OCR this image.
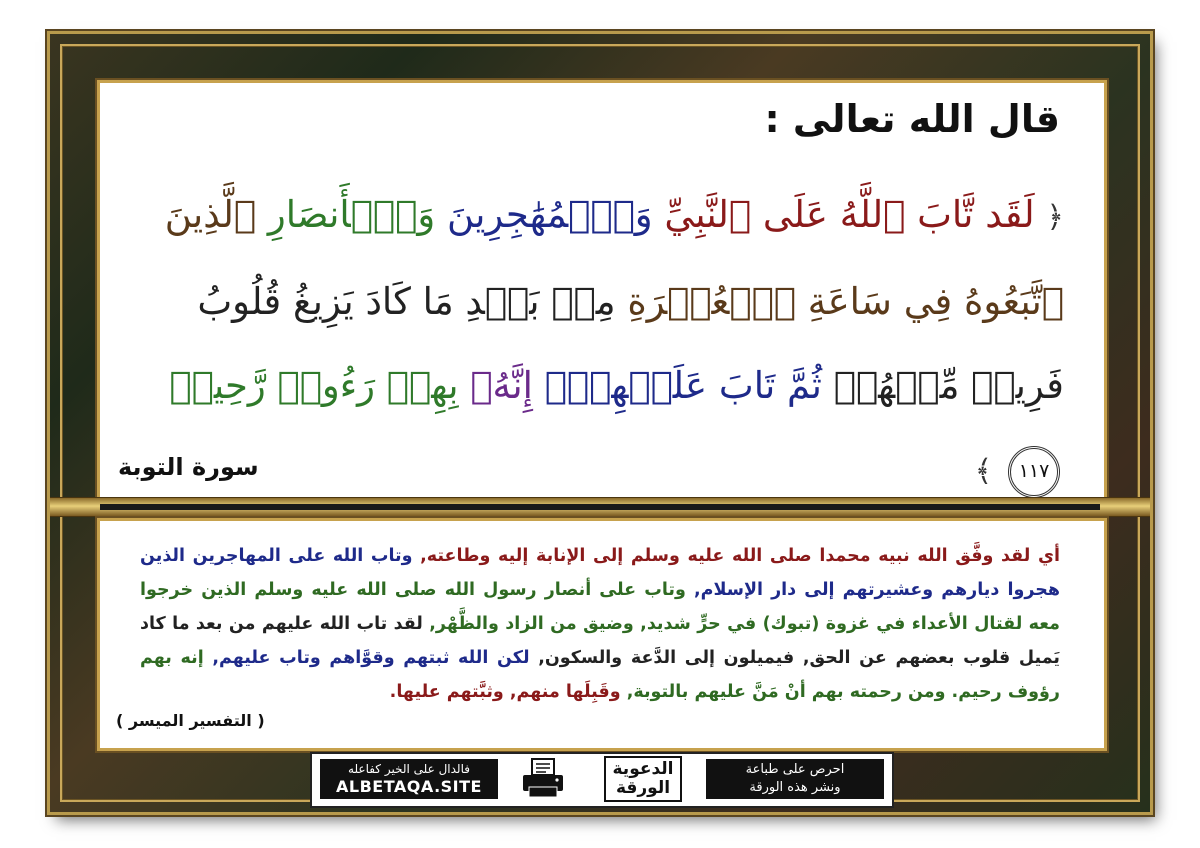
قال الله تعالى :
﴿ لَقَد تَّابَ ٱللَّهُ عَلَى ٱلنَّبِيِّ وَٱلۡمُهَٰجِرِينَ وَٱلۡأَنصَارِ ٱلَّذِينَ ٱتَّبَعُوهُ فِي سَاعَةِ ٱلۡعُسۡرَةِ مِنۢ بَعۡدِ مَا كَادَ يَزِيغُ قُلُوبُ فَرِيقٖ مِّنۡهُمۡ ثُمَّ تَابَ عَلَيۡهِمۡۚ إِنَّهُۥ بِهِمۡ رَءُوفٞ رَّحِيمٞ ١١٧ ﴾
سورة التوبة
أي لقد وفَّق الله نبيه محمدا صلى الله عليه وسلم إلى الإنابة إليه وطاعته, وتاب الله على المهاجرين الذين هجروا ديارهم وعشيرتهم إلى دار الإسلام, وتاب على أنصار رسول الله صلى الله عليه وسلم الذين خرجوا معه لقتال الأعداء في غزوة (تبوك) في حرٍّ شديد, وضيق من الزاد والظَّهْر, لقد تاب الله عليهم من بعد ما كاد يَميل قلوب بعضهم عن الحق, فيميلون إلى الدَّعة والسكون, لكن الله ثبتهم وقوَّاهم وتاب عليهم, إنه بهم رؤوف رحيم. ومن رحمته بهم أنْ مَنَّ عليهم بالتوبة, وقَبِلَها منهم, وثبَّتهم عليها.
( التفسير الميسر )
فالدال على الخير كفاعله
ALBETAQA.SITE
الدعوية
الورقة
احرص على طباعة
ونشر هذه الورقة
